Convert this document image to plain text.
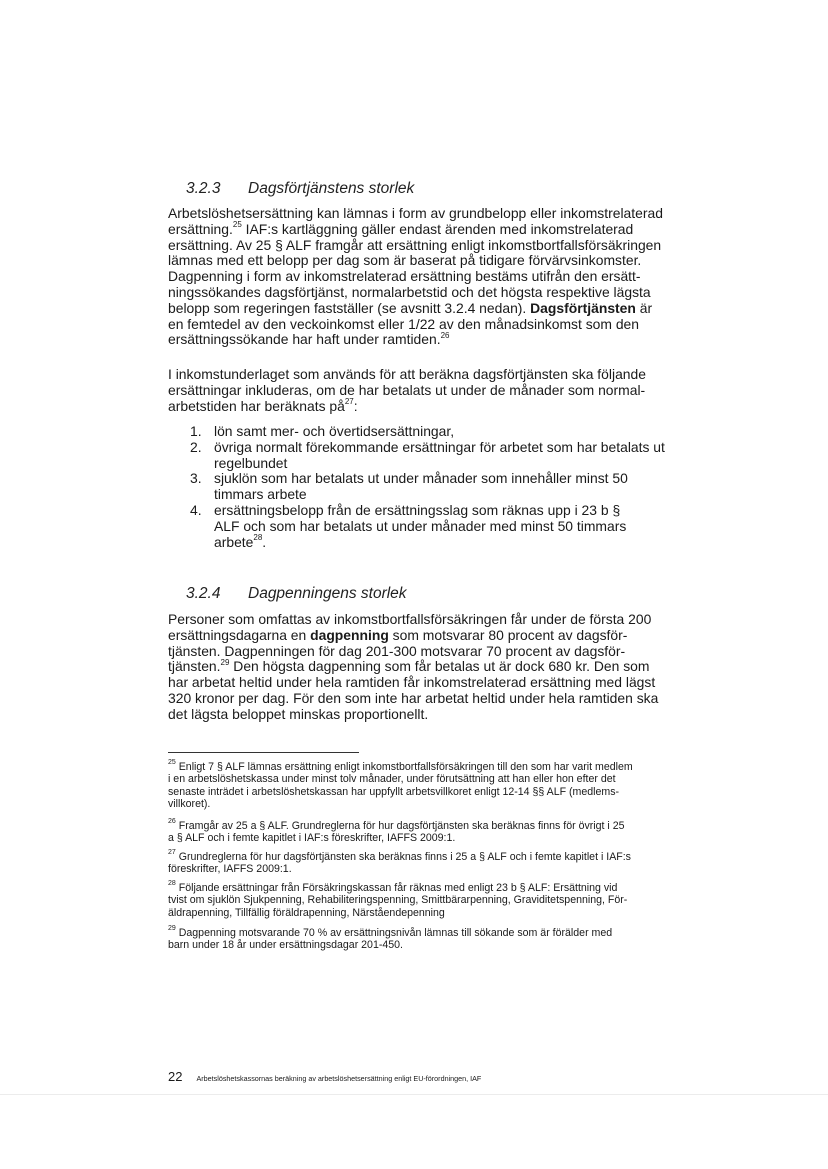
3.2.3 Dagsförtjänstens storlek
Arbetslöshetsersättning kan lämnas i form av grundbelopp eller inkomstrelaterad
ersättning.$^{25}$ IAF:s kartläggning gäller endast ärenden med inkomstrelaterad
ersättning. Av 25 § ALF framgår att ersättning enligt inkomstbortfallsförsäkringen
lämnas med ett belopp per dag som är baserat på tidigare förvärvsinkomster.
Dagpenning i form av inkomstrelaterad ersättning bestäms utifrån den ersätt-
ningssökandes dagsförtjänst, normalarbetstid och det högsta respektive lägsta
belopp som regeringen fastställer (se avsnitt 3.2.4 nedan). Dagsförtjänsten är
en femtedel av den veckoinkomst eller 1/22 av den månadsinkomst som den
ersättningssökande har haft under ramtiden.$^{26}$
I inkomstunderlaget som används för att beräkna dagsförtjänsten ska följande
ersättningar inkluderas, om de har betalats ut under de månader som normal-
arbetstiden har beräknats $på^{27}$:
1. lön samt mer- och övertidsersättningar,
2. övriga normalt förekommande ersättningar för arbetet som har betalats ut
regelbundet
3. sjuklön som har betalats ut under månader som innehåller minst 50
timmars arbete
4. ersättningsbelopp från de ersättningsslag som räknas upp i 23 b §
ALF och som har betalats ut under månader med minst 50 timmars
arbete$^{28}$.
3.2.4 Dagpenningens storlek
Personer som omfattas av inkomstbortfallsförsäkringen får under de första 200
ersättningsdagarna en dagpenning som motsvarar 80 procent av dagsför-
tjänsten. Dagpenningen för dag 201-300 motsvarar 70 procent av dagsför-
tjänsten.$^{29}$ Den högsta dagpenning som får betalas ut är dock 680 kr. Den som
har arbetat heltid under hela ramtiden får inkomstrelaterad ersättning med lägst
320 kronor per dag. För den som inte har arbetat heltid under hela ramtiden ska
det lägsta beloppet minskas proportionellt.
$^{25}$ Enligt 7 § ALF lämnas ersättning enligt inkomstbortfallsförsäkringen till den som har varit medlem
i en arbetslöshetskassa under minst tolv månader, under förutsättning att han eller hon efter det
senaste inträdet i arbetslöshetskassan har uppfyllt arbetsvillkoret enligt 12-14 §§ ALF (medlems-
villkoret).
$^{26}$ Framgår av 25 a § ALF. Grundreglerna för hur dagsförtjänsten ska beräknas finns för övrigt i 25
a § ALF och i femte kapitlet i IAF:s föreskrifter, IAFFS 2009:1.
$^{27}$ Grundreglerna för hur dagsförtjänsten ska beräknas finns i 25 a § ALF och i femte kapitlet i IAF:s
föreskrifter, IAFFS 2009:1.
$^{28}$ Följande ersättningar från Försäkringskassan får räknas med enligt 23 b § ALF: Ersättning vid
tvist om sjuklön Sjukpenning, Rehabiliteringspenning, Smittbärarpenning, Graviditetspenning, För-
äldrapenning, Tillfällig föräldrapenning, Närståendepenning
$^{29}$ Dagpenning motsvarande 70 % av ersättningsnivån lämnas till sökande som är förälder med
barn under 18 år under ersättningsdagar 201-450.
22 Arbetslöshetskassornas beräkning av arbetslöshetsersättning enligt EU-förordningen, IAF
